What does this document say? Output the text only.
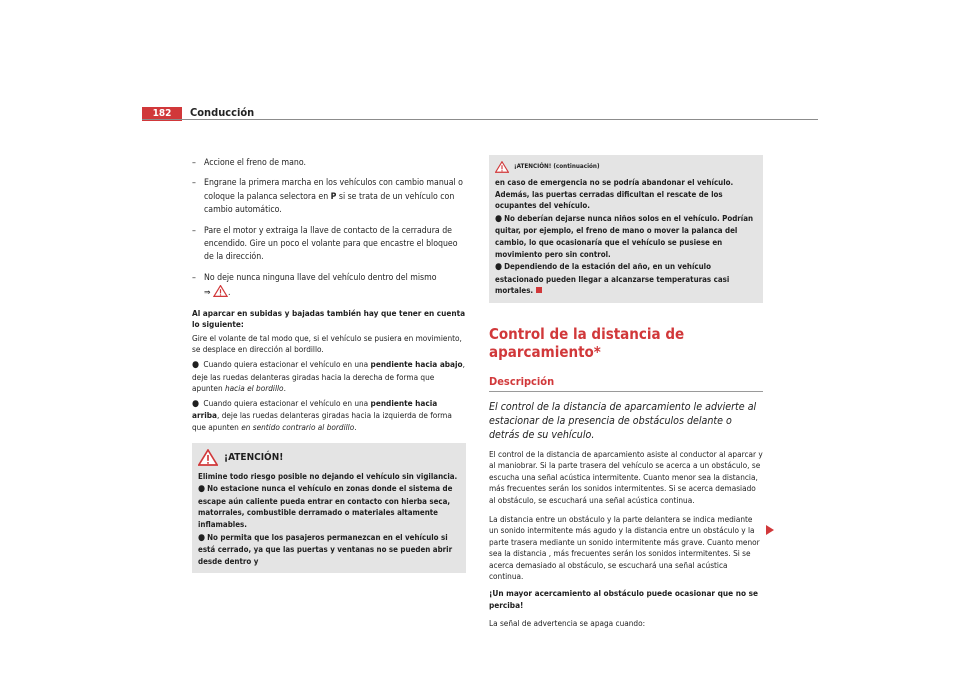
182	Conducción
– Accione el freno de mano.
– Engrane la primera marcha en los vehículos con cambio manual o coloque la palanca selectora en P si se trata de un vehículo con cambio automático.
– Pare el motor y extraiga la llave de contacto de la cerradura de encendido. Gire un poco el volante para que encastre el bloqueo de la dirección.
– No deje nunca ninguna llave del vehículo dentro del mismo
⇒ .
Al aparcar en subidas y bajadas también hay que tener en cuenta lo siguiente:
Gire el volante de tal modo que, si el vehículo se pusiera en movimiento, se desplace en dirección al bordillo.
● Cuando quiera estacionar el vehículo en una pendiente hacia abajo, deje las ruedas delanteras giradas hacia la derecha de forma que apunten hacia el bordillo.
● Cuando quiera estacionar el vehículo en una pendiente hacia arriba, deje las ruedas delanteras giradas hacia la izquierda de forma que apunten en sentido contrario al bordillo.
¡ATENCIÓN!
Elimine todo riesgo posible no dejando el vehículo sin vigilancia.
● No estacione nunca el vehículo en zonas donde el sistema de escape aún caliente pueda entrar en contacto con hierba seca, matorrales, combustible derramado o materiales altamente inflamables.
● No permita que los pasajeros permanezcan en el vehículo si está cerrado, ya que las puertas y ventanas no se pueden abrir desde dentro y
¡ATENCIÓN! (continuación)
en caso de emergencia no se podría abandonar el vehículo. Además, las puertas cerradas dificultan el rescate de los ocupantes del vehículo.
● No deberían dejarse nunca niños solos en el vehículo. Podrían quitar, por ejemplo, el freno de mano o mover la palanca del cambio, lo que ocasionaría que el vehículo se pusiese en movimiento pero sin control.
● Dependiendo de la estación del año, en un vehículo estacionado pueden llegar a alcanzarse temperaturas casi mortales.
Control de la distancia de aparcamiento*
Descripción
El control de la distancia de aparcamiento le advierte al estacionar de la presencia de obstáculos delante o detrás de su vehículo.
El control de la distancia de aparcamiento asiste al conductor al aparcar y al maniobrar. Si la parte trasera del vehículo se acerca a un obstáculo, se escucha una señal acústica intermitente. Cuanto menor sea la distancia, más frecuentes serán los sonidos intermitentes. Si se acerca demasiado al obstáculo, se escuchará una señal acústica continua.
La distancia entre un obstáculo y la parte delantera se indica mediante un sonido intermitente más agudo y la distancia entre un obstáculo y la parte trasera mediante un sonido intermitente más grave. Cuanto menor sea la distancia , más frecuentes serán los sonidos intermitentes. Si se acerca demasiado al obstáculo, se escuchará una señal acústica continua.
¡Un mayor acercamiento al obstáculo puede ocasionar que no se perciba!
La señal de advertencia se apaga cuando:
